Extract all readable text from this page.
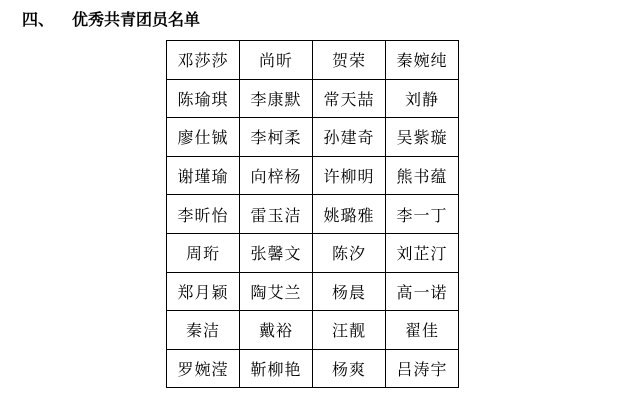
四、 优秀共青团员名单
邓莎莎	尚昕	贺荣	秦婉纯
陈瑜琪	李康默	常天喆	刘静
廖仕铖	李柯柔	孙建奇	吴紫璇
谢瑾瑜	向梓杨	许柳明	熊书蕴
李昕怡	雷玉洁	姚璐雅	李一丁
周珩	张馨文	陈汐	刘芷汀
郑月颖	陶艾兰	杨晨	高一诺
秦洁	戴裕	汪靓	翟佳
罗婉滢	靳柳艳	杨爽	吕涛宇
